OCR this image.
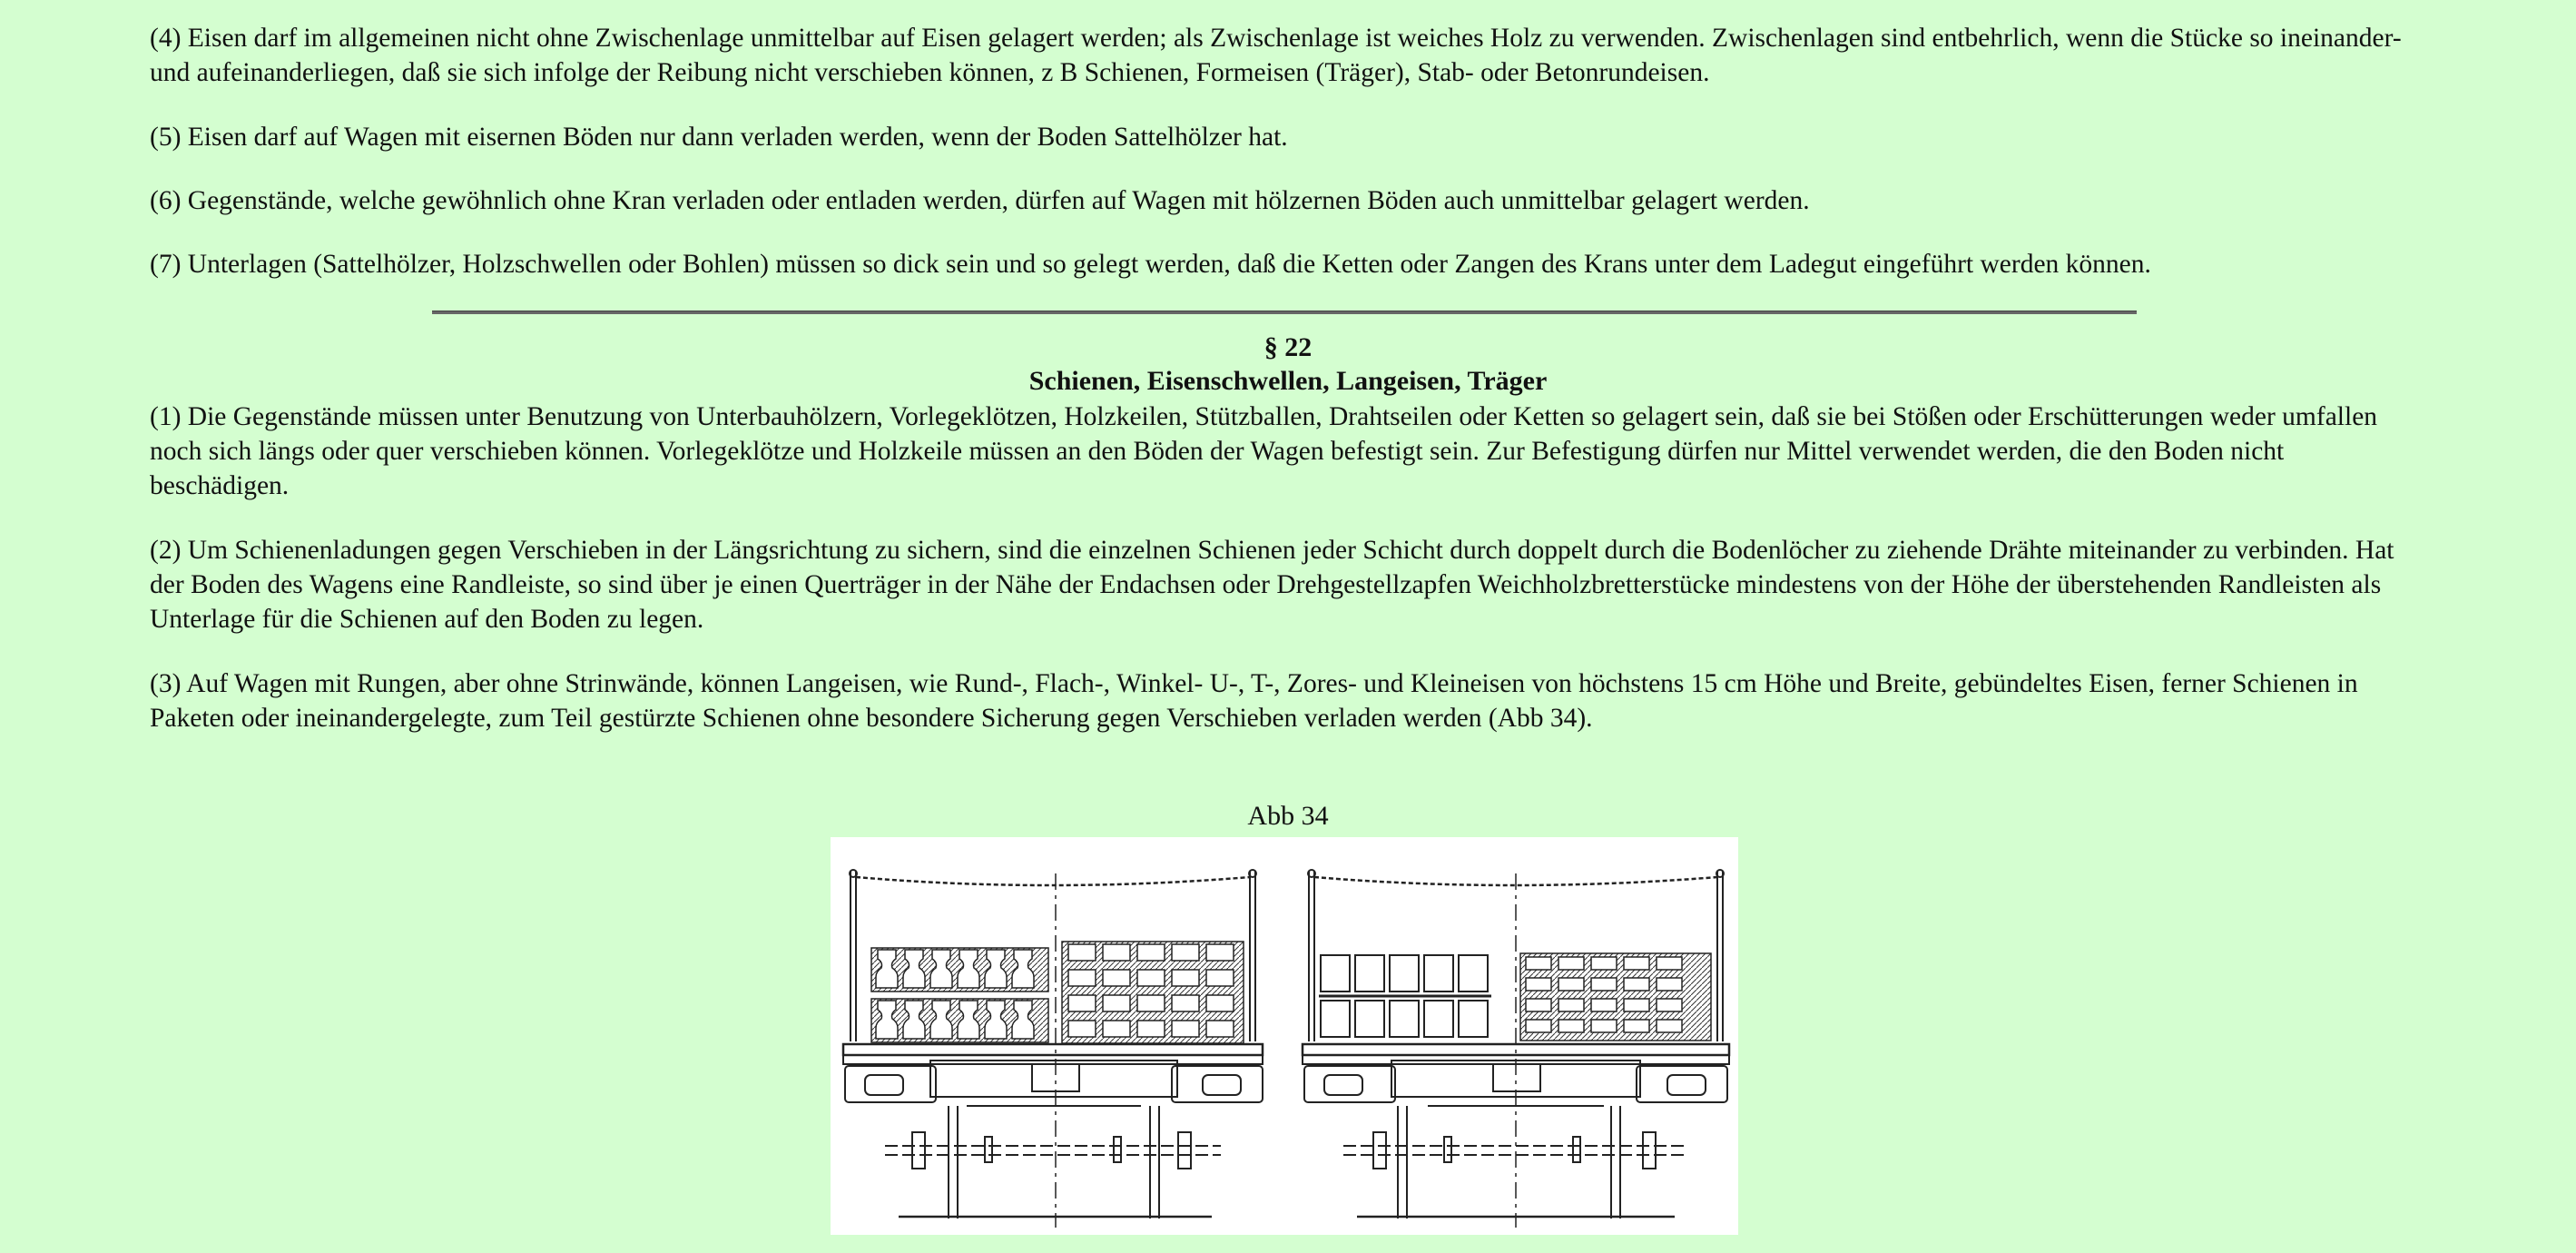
(4) Eisen darf im allgemeinen nicht ohne Zwischenlage unmittelbar auf Eisen gelagert werden; als Zwischenlage ist weiches Holz zu verwenden. Zwischenlagen sind entbehrlich, wenn die Stücke so ineinander- und aufeinanderliegen, daß sie sich infolge der Reibung nicht verschieben können, z B Schienen, Formeisen (Träger), Stab- oder Betonrundeisen.

(5) Eisen darf auf Wagen mit eisernen Böden nur dann verladen werden, wenn der Boden Sattelhölzer hat.

(6) Gegenstände, welche gewöhnlich ohne Kran verladen oder entladen werden, dürfen auf Wagen mit hölzernen Böden auch unmittelbar gelagert werden.

(7) Unterlagen (Sattelhölzer, Holzschwellen oder Bohlen) müssen so dick sein und so gelegt werden, daß die Ketten oder Zangen des Krans unter dem Ladegut eingeführt werden können.

§ 22
Schienen, Eisenschwellen, Langeisen, Träger

(1) Die Gegenstände müssen unter Benutzung von Unterbauhölzern, Vorlegeklötzen, Holzkeilen, Stützballen, Drahtseilen oder Ketten so gelagert sein, daß sie bei Stößen oder Erschütterungen weder umfallen noch sich längs oder quer verschieben können. Vorlegeklötze und Holzkeile müssen an den Böden der Wagen befestigt sein. Zur Befestigung dürfen nur Mittel verwendet werden, die den Boden nicht beschädigen.

(2) Um Schienenladungen gegen Verschieben in der Längsrichtung zu sichern, sind die einzelnen Schienen jeder Schicht durch doppelt durch die Bodenlöcher zu ziehende Drähte miteinander zu verbinden. Hat der Boden des Wagens eine Randleiste, so sind über je einen Querträger in der Nähe der Endachsen oder Drehgestellzapfen Weichholzbretterstücke mindestens von der Höhe der überstehenden Randleisten als Unterlage für die Schienen auf den Boden zu legen.

(3) Auf Wagen mit Rungen, aber ohne Strinwände, können Langeisen, wie Rund-, Flach-, Winkel- U-, T-, Zores- und Kleineisen von höchstens 15 cm Höhe und Breite, gebündeltes Eisen, ferner Schienen in Paketen oder ineinandergelegte, zum Teil gestürzte Schienen ohne besondere Sicherung gegen Verschieben verladen werden (Abb 34).

Abb 34
